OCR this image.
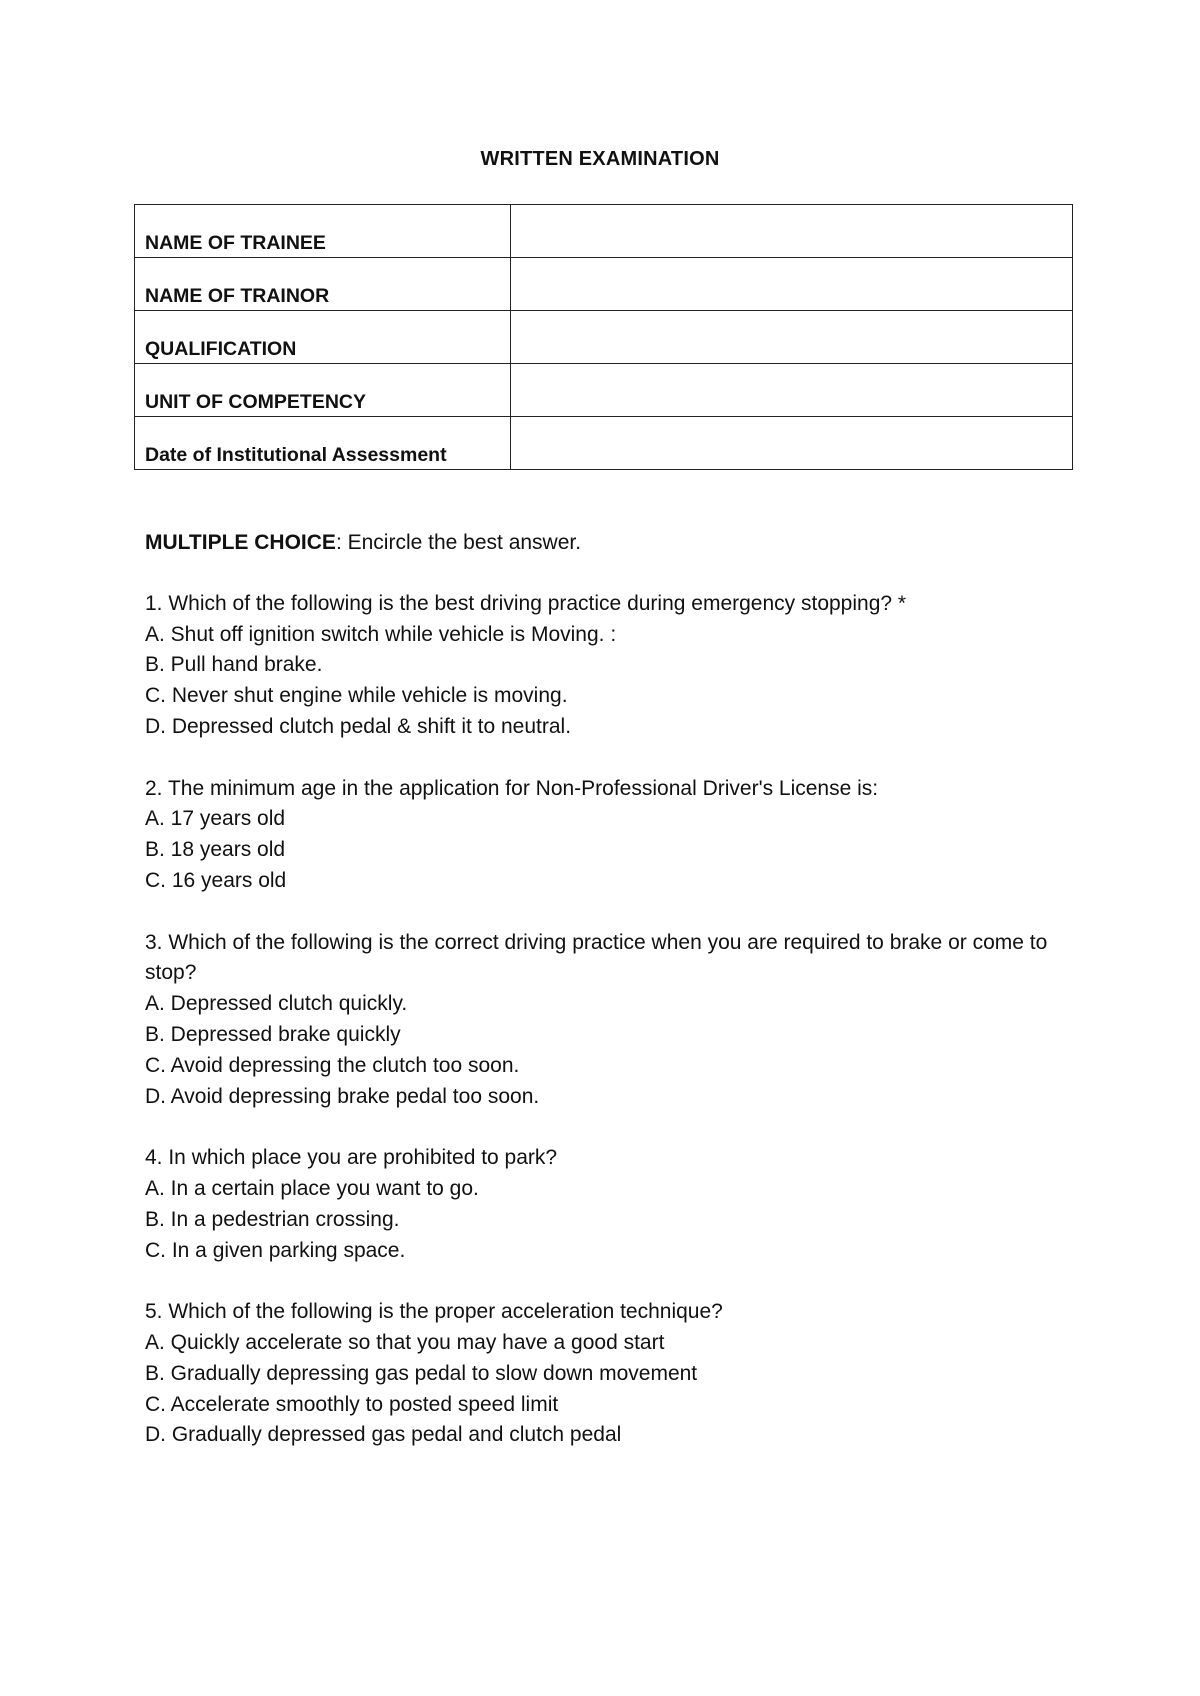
WRITTEN EXAMINATION
NAME OF TRAINEE	
NAME OF TRAINOR	
QUALIFICATION	
UNIT OF COMPETENCY	
Date of Institutional Assessment	

MULTIPLE CHOICE: Encircle the best answer.

1. Which of the following is the best driving practice during emergency stopping? *

A. Shut off ignition switch while vehicle is Moving. :

B. Pull hand brake.

C. Never shut engine while vehicle is moving.

D. Depressed clutch pedal & shift it to neutral.

2. The minimum age in the application for Non-Professional Driver's License is:

A. 17 years old

B. 18 years old

C. 16 years old

3. Which of the following is the correct driving practice when you are required to brake or come to stop?

A. Depressed clutch quickly.

B. Depressed brake quickly

C. Avoid depressing the clutch too soon.

D. Avoid depressing brake pedal too soon.

4. In which place you are prohibited to park?

A. In a certain place you want to go.

B. In a pedestrian crossing.

C. In a given parking space.

5. Which of the following is the proper acceleration technique?

A. Quickly accelerate so that you may have a good start

B. Gradually depressing gas pedal to slow down movement

C. Accelerate smoothly to posted speed limit

D. Gradually depressed gas pedal and clutch pedal
